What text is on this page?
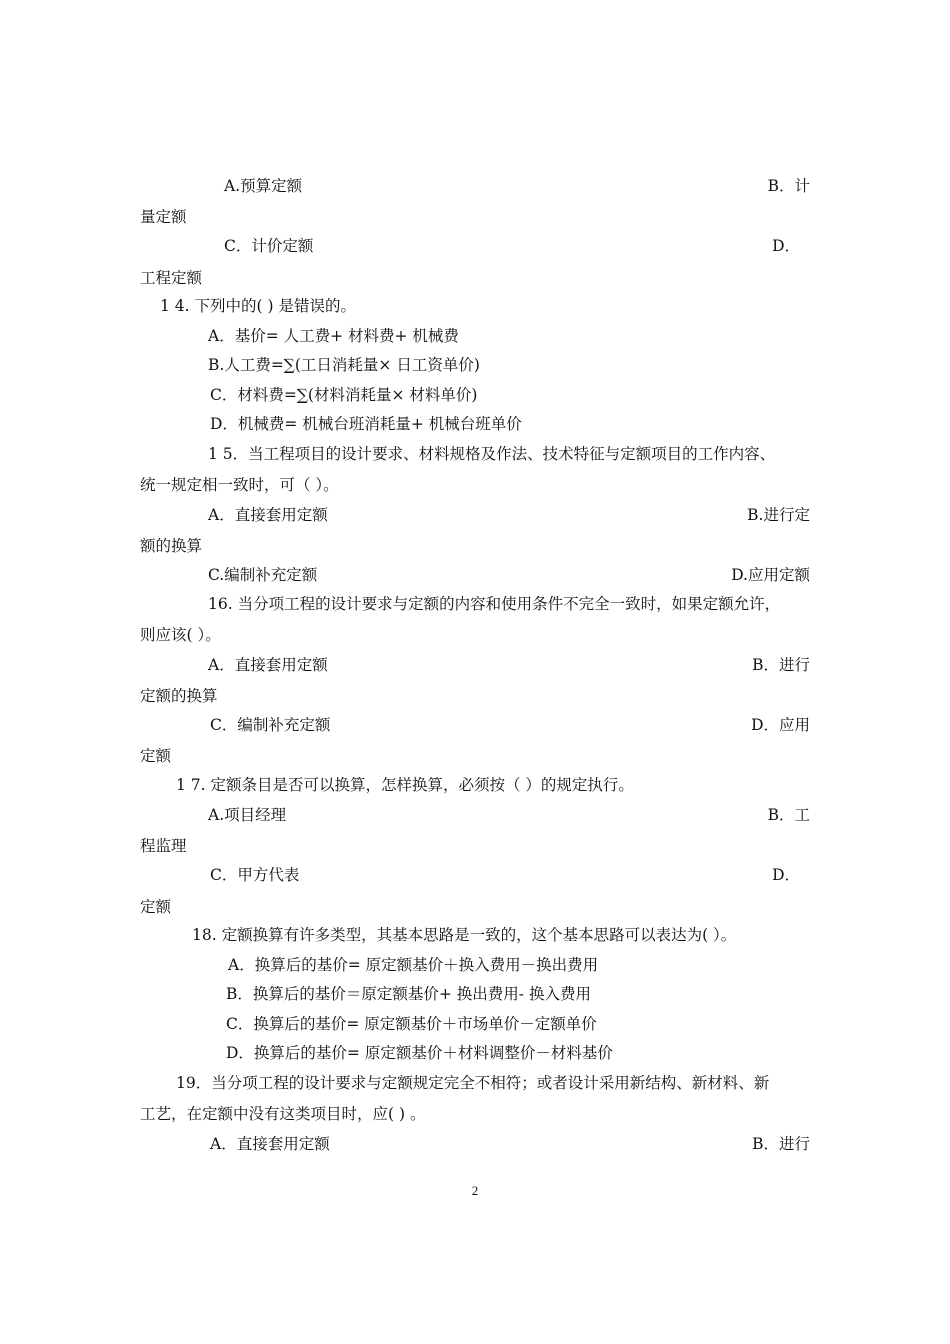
A.预算定额	B．计
量定额
C．计价定额	D．
工程定额
1 4. 下列中的( ) 是错误的。
A．基价= 人工费+ 材料费+ 机械费
B.人工费=∑(工日消耗量× 日工资单价)
C．材料费=∑(材料消耗量× 材料单价)
D．机械费= 机械台班消耗量+ 机械台班单价
1 5．当工程项目的设计要求、材料规格及作法、技术特征与定额项目的工作内容、
统一规定相一致时，可（ ）。
A．直接套用定额	B.进行定
额的换算
C.编制补充定额	D.应用定额
16. 当分项工程的设计要求与定额的内容和使用条件不完全一致时，如果定额允许，
则应该( ）。
A．直接套用定额	B．进行
定额的换算
C．编制补充定额	D．应用
定额
1 7. 定额条目是否可以换算，怎样换算，必须按（ ）的规定执行。
A.项目经理	B．工
程监理
C．甲方代表	D．
定额
18. 定额换算有许多类型，其基本思路是一致的，这个基本思路可以表达为( ）。
A．换算后的基价= 原定额基价＋换入费用－换出费用
B．换算后的基价＝原定额基价+ 换出费用- 换入费用
C．换算后的基价= 原定额基价＋市场单价－定额单价
D．换算后的基价= 原定额基价＋材料调整价－材料基价
19．当分项工程的设计要求与定额规定完全不相符；或者设计采用新结构、新材料、新
工艺，在定额中没有这类项目时，应( ) 。
A．直接套用定额	B．进行
2
